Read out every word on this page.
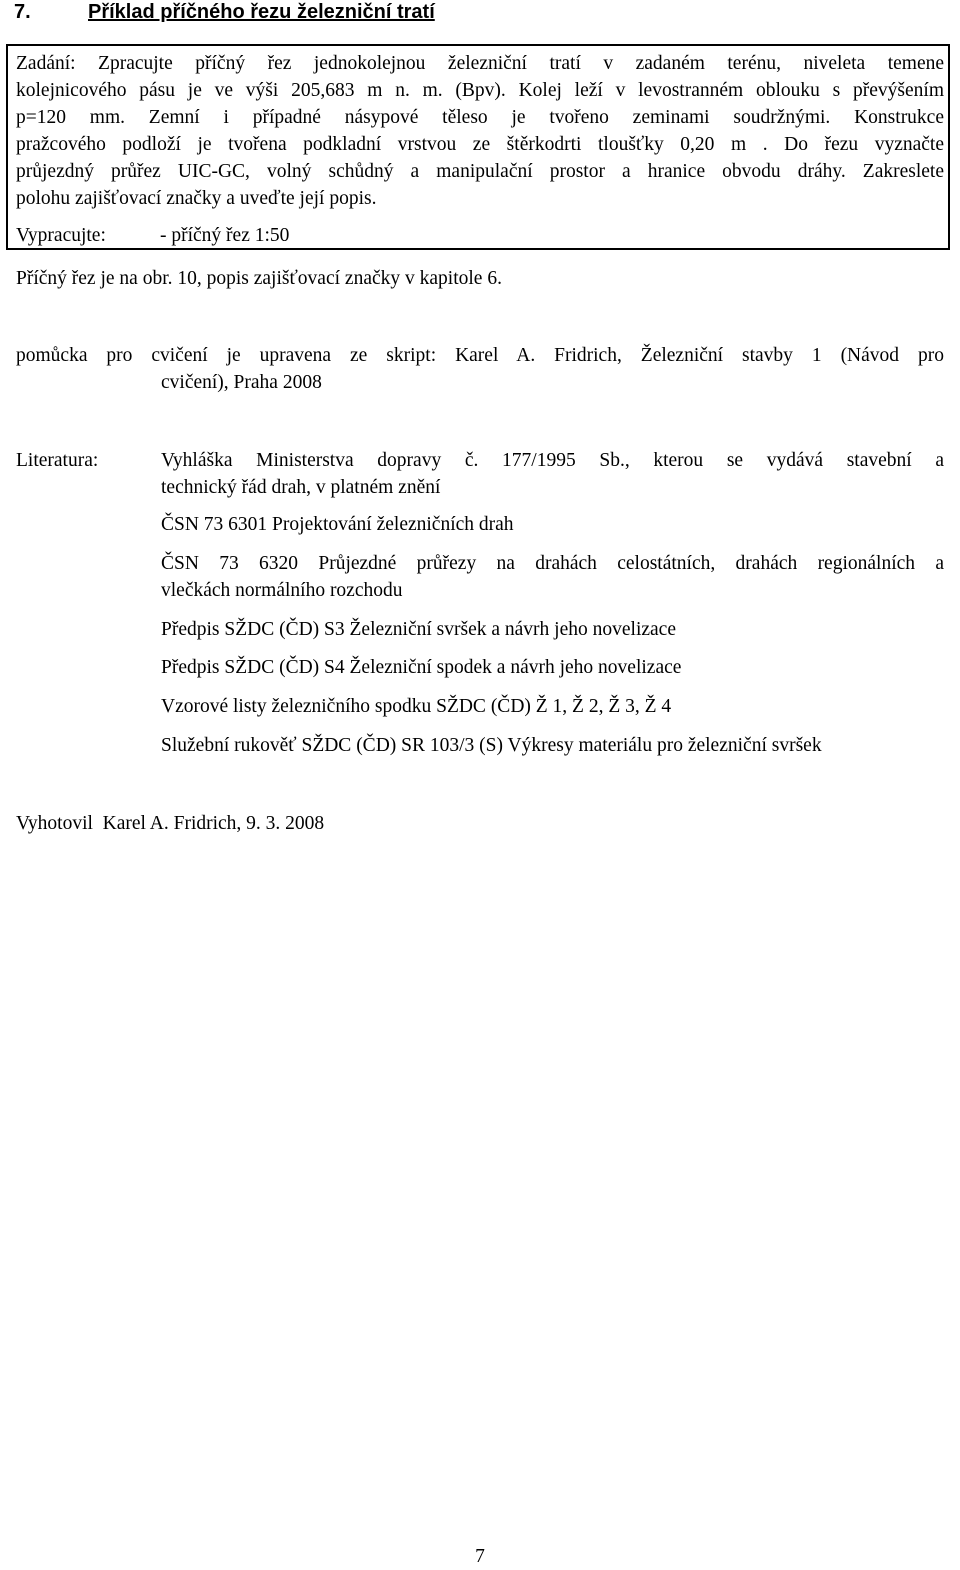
7.	Příklad příčného řezu železniční tratí
Zadání: Zpracujte příčný řez jednokolejnou železniční tratí v zadaném terénu, niveleta temene
kolejnicového pásu je ve výši 205,683 m n. m. (Bpv). Kolej leží v levostranném oblouku s převýšením
p=120 mm. Zemní i případné násypové těleso je tvořeno zeminami soudržnými. Konstrukce
pražcového podloží je tvořena podkladní vrstvou ze štěrkodrti tloušťky 0,20 m . Do řezu vyznačte
průjezdný průřez UIC-GC, volný schůdný a manipulační prostor a hranice obvodu dráhy. Zakreslete
polohu zajišťovací značky a uveďte její popis.
Vypracujte:	- příčný řez 1:50
Příčný řez je na obr. 10, popis zajišťovací značky v kapitole 6.
pomůcka pro cvičení je upravena ze skript: Karel A. Fridrich, Železniční stavby 1 (Návod pro
cvičení), Praha 2008
Literatura:	Vyhláška Ministerstva dopravy č. 177/1995 Sb., kterou se vydává stavební a
technický řád drah, v platném znění
ČSN 73 6301 Projektování železničních drah
ČSN 73 6320 Průjezdné průřezy na drahách celostátních, drahách regionálních a
vlečkách normálního rozchodu
Předpis SŽDC (ČD) S3 Železniční svršek a návrh jeho novelizace
Předpis SŽDC (ČD) S4 Železniční spodek a návrh jeho novelizace
Vzorové listy železničního spodku SŽDC (ČD) Ž 1, Ž 2, Ž 3, Ž 4
Služební rukověť SŽDC (ČD) SR 103/3 (S) Výkresy materiálu pro železniční svršek
Vyhotovil  Karel A. Fridrich, 9. 3. 2008
7
